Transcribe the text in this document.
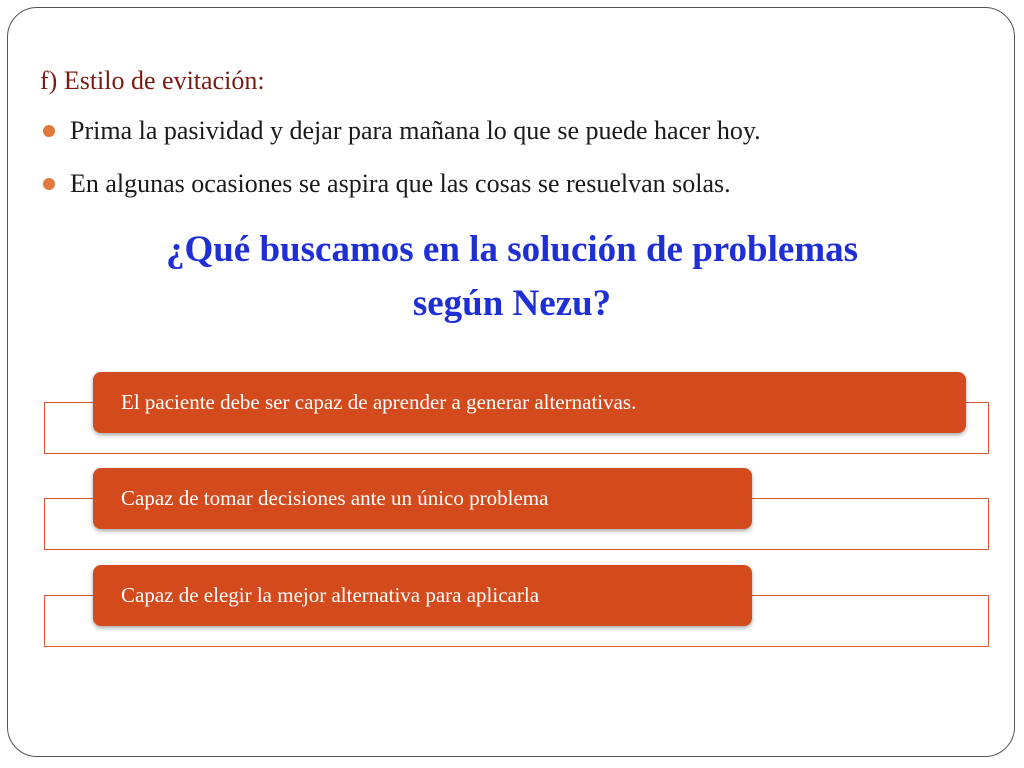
f) Estilo de evitación:

Prima la pasividad y dejar para mañana lo que se puede hacer hoy.
En algunas ocasiones se aspira que las cosas se resuelvan solas.
¿Qué buscamos en la solución de problemas
según Nezu?
El paciente debe ser capaz de aprender a generar alternativas.
Capaz de tomar decisiones ante un único problema
Capaz de elegir la mejor alternativa para aplicarla
